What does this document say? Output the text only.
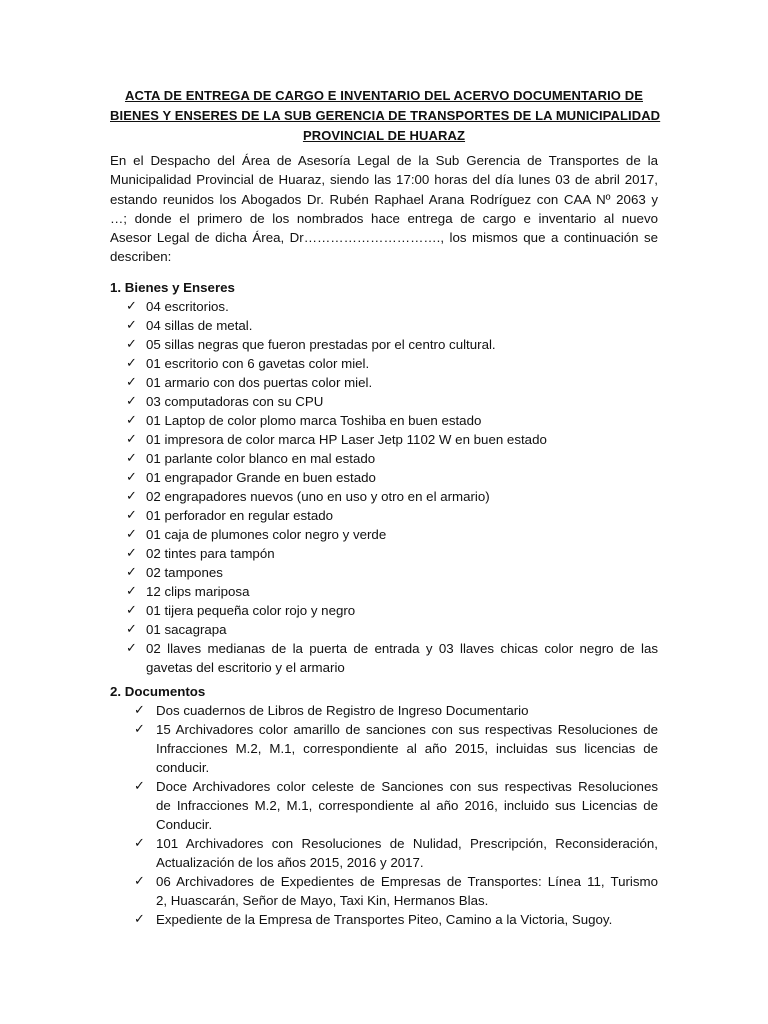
ACTA DE ENTREGA DE CARGO E INVENTARIO DEL ACERVO DOCUMENTARIO DE
BIENES Y ENSERES DE LA SUB GERENCIA DE TRANSPORTES DE LA MUNICIPALIDAD
PROVINCIAL DE HUARAZ
En el Despacho del Área de Asesoría Legal de la Sub Gerencia de Transportes de la
Municipalidad Provincial de Huaraz, siendo las 17:00 horas del día lunes 03 de abril 2017,
estando reunidos los Abogados Dr. Rubén Raphael Arana Rodríguez con CAA Nº 2063 y
…; donde el primero de los nombrados hace entrega de cargo e inventario al nuevo
Asesor Legal de dicha Área, Dr…………………………., los mismos que a continuación se
describen:
1. Bienes y Enseres
✓ 04 escritorios.
✓ 04 sillas de metal.
✓ 05 sillas negras que fueron prestadas por el centro cultural.
✓ 01 escritorio con 6 gavetas color miel.
✓ 01 armario con dos puertas color miel.
✓ 03 computadoras con su CPU
✓ 01 Laptop de color plomo marca Toshiba en buen estado
✓ 01 impresora de color marca HP Laser Jetp 1102 W en buen estado
✓ 01 parlante color blanco en mal estado
✓ 01 engrapador Grande en buen estado
✓ 02 engrapadores nuevos (uno en uso y otro en el armario)
✓ 01 perforador en regular estado
✓ 01 caja de plumones color negro y verde
✓ 02 tintes para tampón
✓ 02 tampones
✓ 12 clips mariposa
✓ 01 tijera pequeña color rojo y negro
✓ 01 sacagrapa
✓ 02 llaves medianas de la puerta de entrada y 03 llaves chicas color negro de las
gavetas del escritorio y el armario
2. Documentos
✓ Dos cuadernos de Libros de Registro de Ingreso Documentario
✓ 15 Archivadores color amarillo de sanciones con sus respectivas Resoluciones de
Infracciones M.2, M.1, correspondiente al año 2015, incluidas sus licencias de
conducir.
✓ Doce Archivadores color celeste de Sanciones con sus respectivas Resoluciones
de Infracciones M.2, M.1, correspondiente al año 2016, incluido sus Licencias de
Conducir.
✓ 101 Archivadores con Resoluciones de Nulidad, Prescripción, Reconsideración,
Actualización de los años 2015, 2016 y 2017.
✓ 06 Archivadores de Expedientes de Empresas de Transportes: Línea 11, Turismo
2, Huascarán, Señor de Mayo, Taxi Kin, Hermanos Blas.
✓ Expediente de la Empresa de Transportes Piteo, Camino a la Victoria, Sugoy.
